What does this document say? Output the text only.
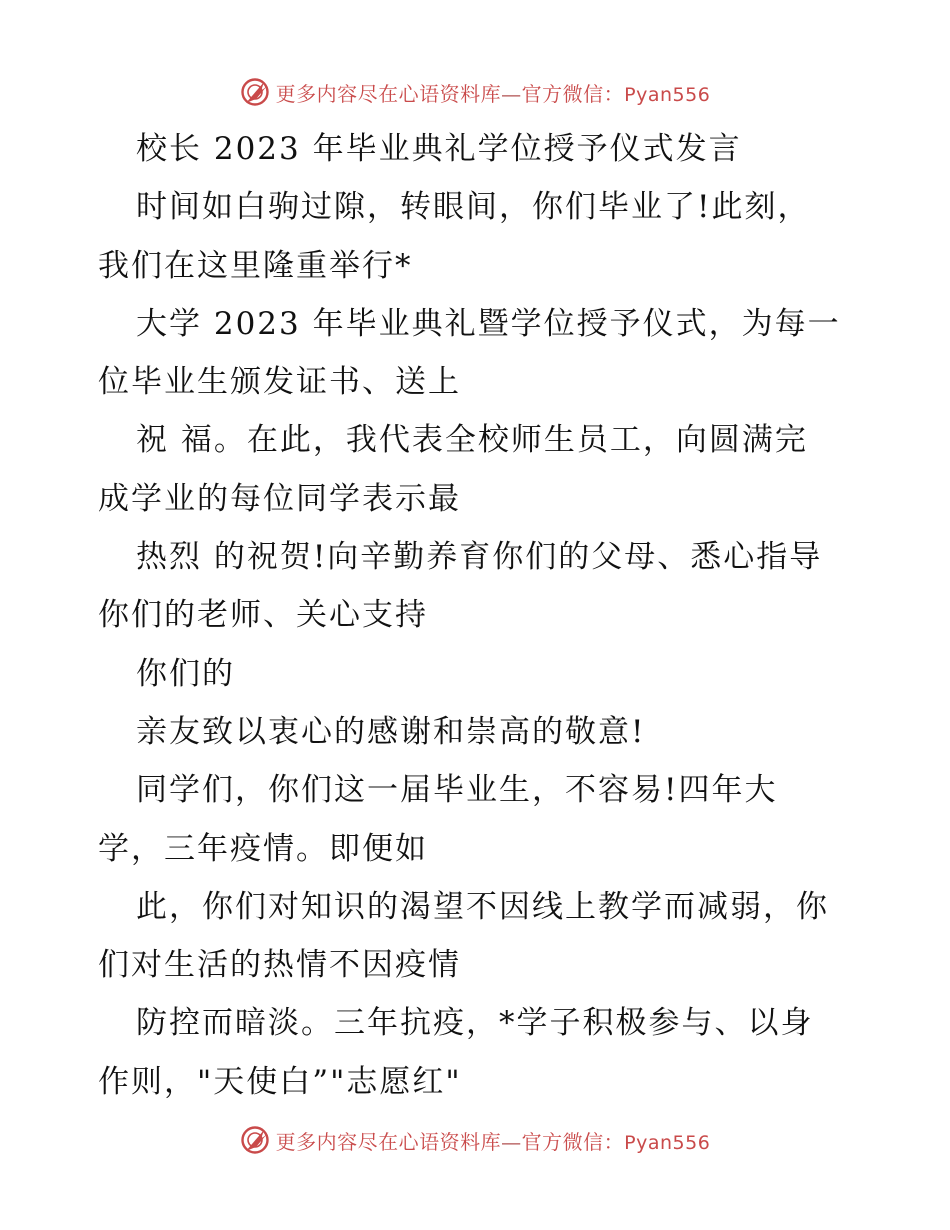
更多内容尽在心语资料库—官方微信：Pyan556
校长 2023 年毕业典礼学位授予仪式发言
时间如白驹过隙，转眼间，你们毕业了!此刻，
我们在这里隆重举行*
大学 2023 年毕业典礼暨学位授予仪式，为每一
位毕业生颁发证书、送上
祝 福。在此，我代表全校师生员工，向圆满完
成学业的每位同学表示最
热烈 的祝贺!向辛勤养育你们的父母、悉心指导
你们的老师、关心支持
你们的
亲友致以衷心的感谢和崇高的敬意!
同学们，你们这一届毕业生，不容易!四年大
学，三年疫情。即便如
此，你们对知识的渴望不因线上教学而减弱，你
们对生活的热情不因疫情
防控而暗淡。三年抗疫，*学子积极参与、以身
作则，"天使白”"志愿红"
更多内容尽在心语资料库—官方微信：Pyan556
